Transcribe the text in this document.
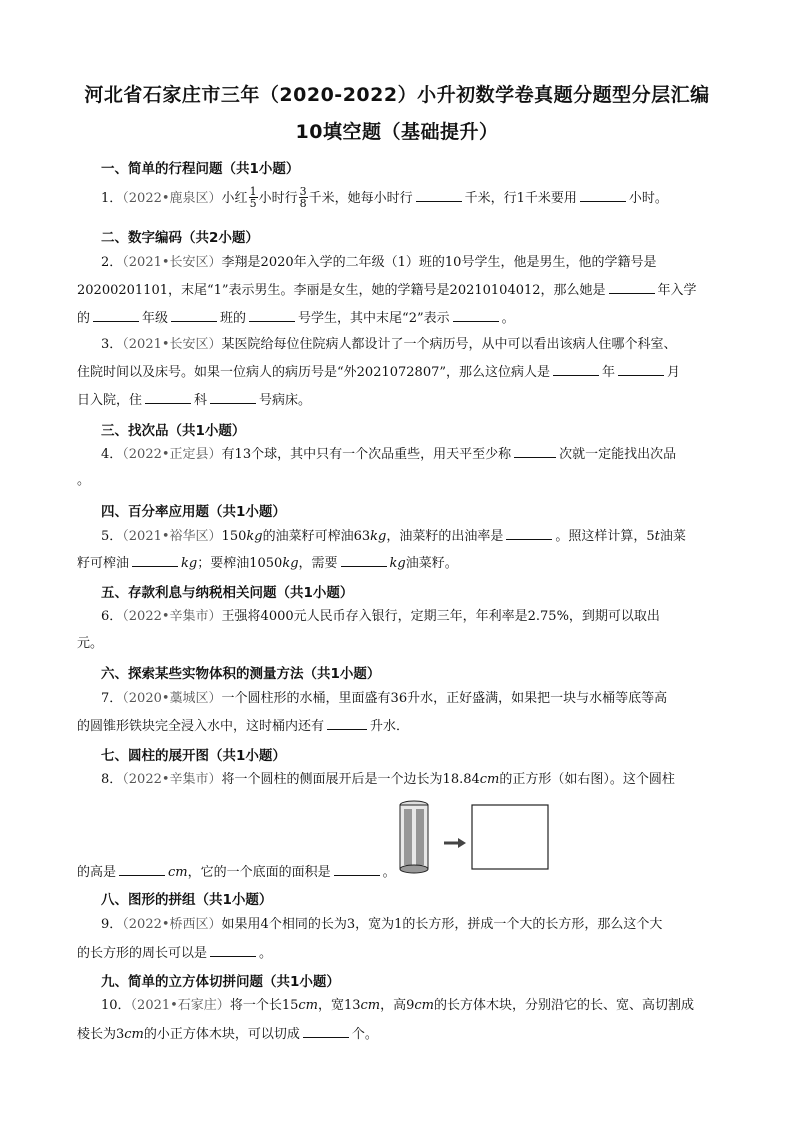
河北省石家庄市三年（2020-2022）小升初数学卷真题分题型分层汇编
10填空题（基础提升）
一、简单的行程问题（共1小题）
1．（2022•鹿泉区）小红 $\frac{1}{5}$ 小时行 $\frac{3}{8}$ 千米，她每小时行	千米，行1千米要用	小时。
二、数字编码（共2小题）
2．（2021•长安区）李翔是2020年入学的二年级（1）班的10号学生，他是男生，他的学籍号是
20200201101，末尾“1”表示男生。李丽是女生，她的学籍号是20210104012，那么她是	年入学
的	年级	班的	号学生，其中末尾“2”表示	。
3．（2021•长安区）某医院给每位住院病人都设计了一个病历号，从中可以看出该病人住哪个科室、
住院时间以及床号。如果一位病人的病历号是“外2021072807”，那么这位病人是	年	月
日入院，住	科	号病床。
三、找次品（共1小题）
4．（2022•正定县）有13个球，其中只有一个次品重些，用天平至少称	次就一定能找出次品
。
四、百分率应用题（共1小题）
5．（2021•裕华区）150kg的油菜籽可榨油63kg，油菜籽的出油率是	。照这样计算，5t油菜
籽可榨油	kg；要榨油1050kg，需要	kg油菜籽。
五、存款利息与纳税相关问题（共1小题）
6．（2022•辛集市）王强将4000元人民币存入银行，定期三年，年利率是2.75%，到期可以取出
元。
六、探索某些实物体积的测量方法（共1小题）
7．（2020•藁城区）一个圆柱形的水桶，里面盛有36升水，正好盛满，如果把一块与水桶等底等高
的圆锥形铁块完全浸入水中，这时桶内还有	升水．
七、圆柱的展开图（共1小题）
8．（2022•辛集市）将一个圆柱的侧面展开后是一个边长为18.84cm的正方形（如右图）。这个圆柱
的高是	cm，它的一个底面的面积是	。
八、图形的拼组（共1小题）
9．（2022•桥西区）如果用4个相同的长为3，宽为1的长方形，拼成一个大的长方形，那么这个大
的长方形的周长可以是	。
九、简单的立方体切拼问题（共1小题）
10．（2021•石家庄）将一个长15cm，宽13cm，高9cm的长方体木块，分别沿它的长、宽、高切割成
棱长为3cm的小正方体木块，可以切成	个。
